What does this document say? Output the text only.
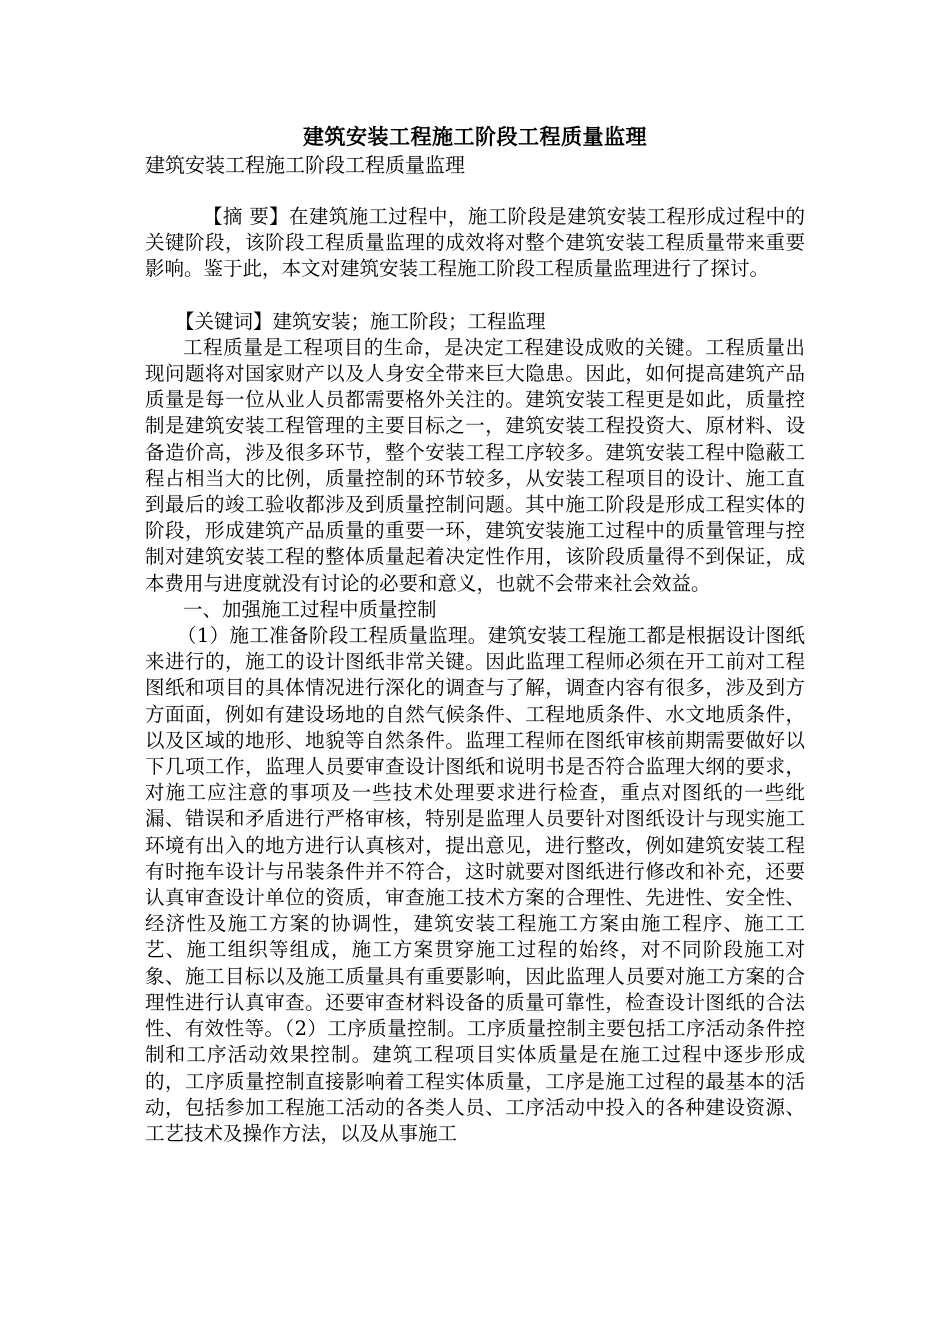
建筑安装工程施工阶段工程质量监理

建筑安装工程施工阶段工程质量监理

【摘 要】在建筑施工过程中，施工阶段是建筑安装工程形成过程中的关键阶段，该阶段工程质量监理的成效将对整个建筑安装工程质量带来重要影响。鉴于此，本文对建筑安装工程施工阶段工程质量监理进行了探讨。

【关键词】建筑安装；施工阶段；工程监理

工程质量是工程项目的生命，是决定工程建设成败的关键。工程质量出现问题将对国家财产以及人身安全带来巨大隐患。因此，如何提高建筑产品质量是每一位从业人员都需要格外关注的。建筑安装工程更是如此，质量控制是建筑安装工程管理的主要目标之一，建筑安装工程投资大、原材料、设备造价高，涉及很多环节，整个安装工程工序较多。建筑安装工程中隐蔽工程占相当大的比例，质量控制的环节较多，从安装工程项目的设计、施工直到最后的竣工验收都涉及到质量控制问题。其中施工阶段是形成工程实体的阶段，形成建筑产品质量的重要一环，建筑安装施工过程中的质量管理与控制对建筑安装工程的整体质量起着决定性作用，该阶段质量得不到保证，成本费用与进度就没有讨论的必要和意义，也就不会带来社会效益。

一、加强施工过程中质量控制

（1）施工准备阶段工程质量监理。建筑安装工程施工都是根据设计图纸来进行的，施工的设计图纸非常关键。因此监理工程师必须在开工前对工程图纸和项目的具体情况进行深化的调查与了解，调查内容有很多，涉及到方方面面，例如有建设场地的自然气候条件、工程地质条件、水文地质条件，以及区域的地形、地貌等自然条件。监理工程师在图纸审核前期需要做好以下几项工作，监理人员要审查设计图纸和说明书是否符合监理大纲的要求，对施工应注意的事项及一些技术处理要求进行检查，重点对图纸的一些纰漏、错误和矛盾进行严格审核，特别是监理人员要针对图纸设计与现实施工环境有出入的地方进行认真核对，提出意见，进行整改，例如建筑安装工程有时拖车设计与吊装条件并不符合，这时就要对图纸进行修改和补充，还要认真审查设计单位的资质，审查施工技术方案的合理性、先进性、安全性、经济性及施工方案的协调性，建筑安装工程施工方案由施工程序、施工工艺、施工组织等组成，施工方案贯穿施工过程的始终，对不同阶段施工对象、施工目标以及施工质量具有重要影响，因此监理人员要对施工方案的合理性进行认真审查。还要审查材料设备的质量可靠性，检查设计图纸的合法性、有效性等。（2）工序质量控制。工序质量控制主要包括工序活动条件控制和工序活动效果控制。建筑工程项目实体质量是在施工过程中逐步形成的，工序质量控制直接影响着工程实体质量，工序是施工过程的最基本的活动，包括参加工程施工活动的各类人员、工序活动中投入的各种建设资源、工艺技术及操作方法，以及从事施工
